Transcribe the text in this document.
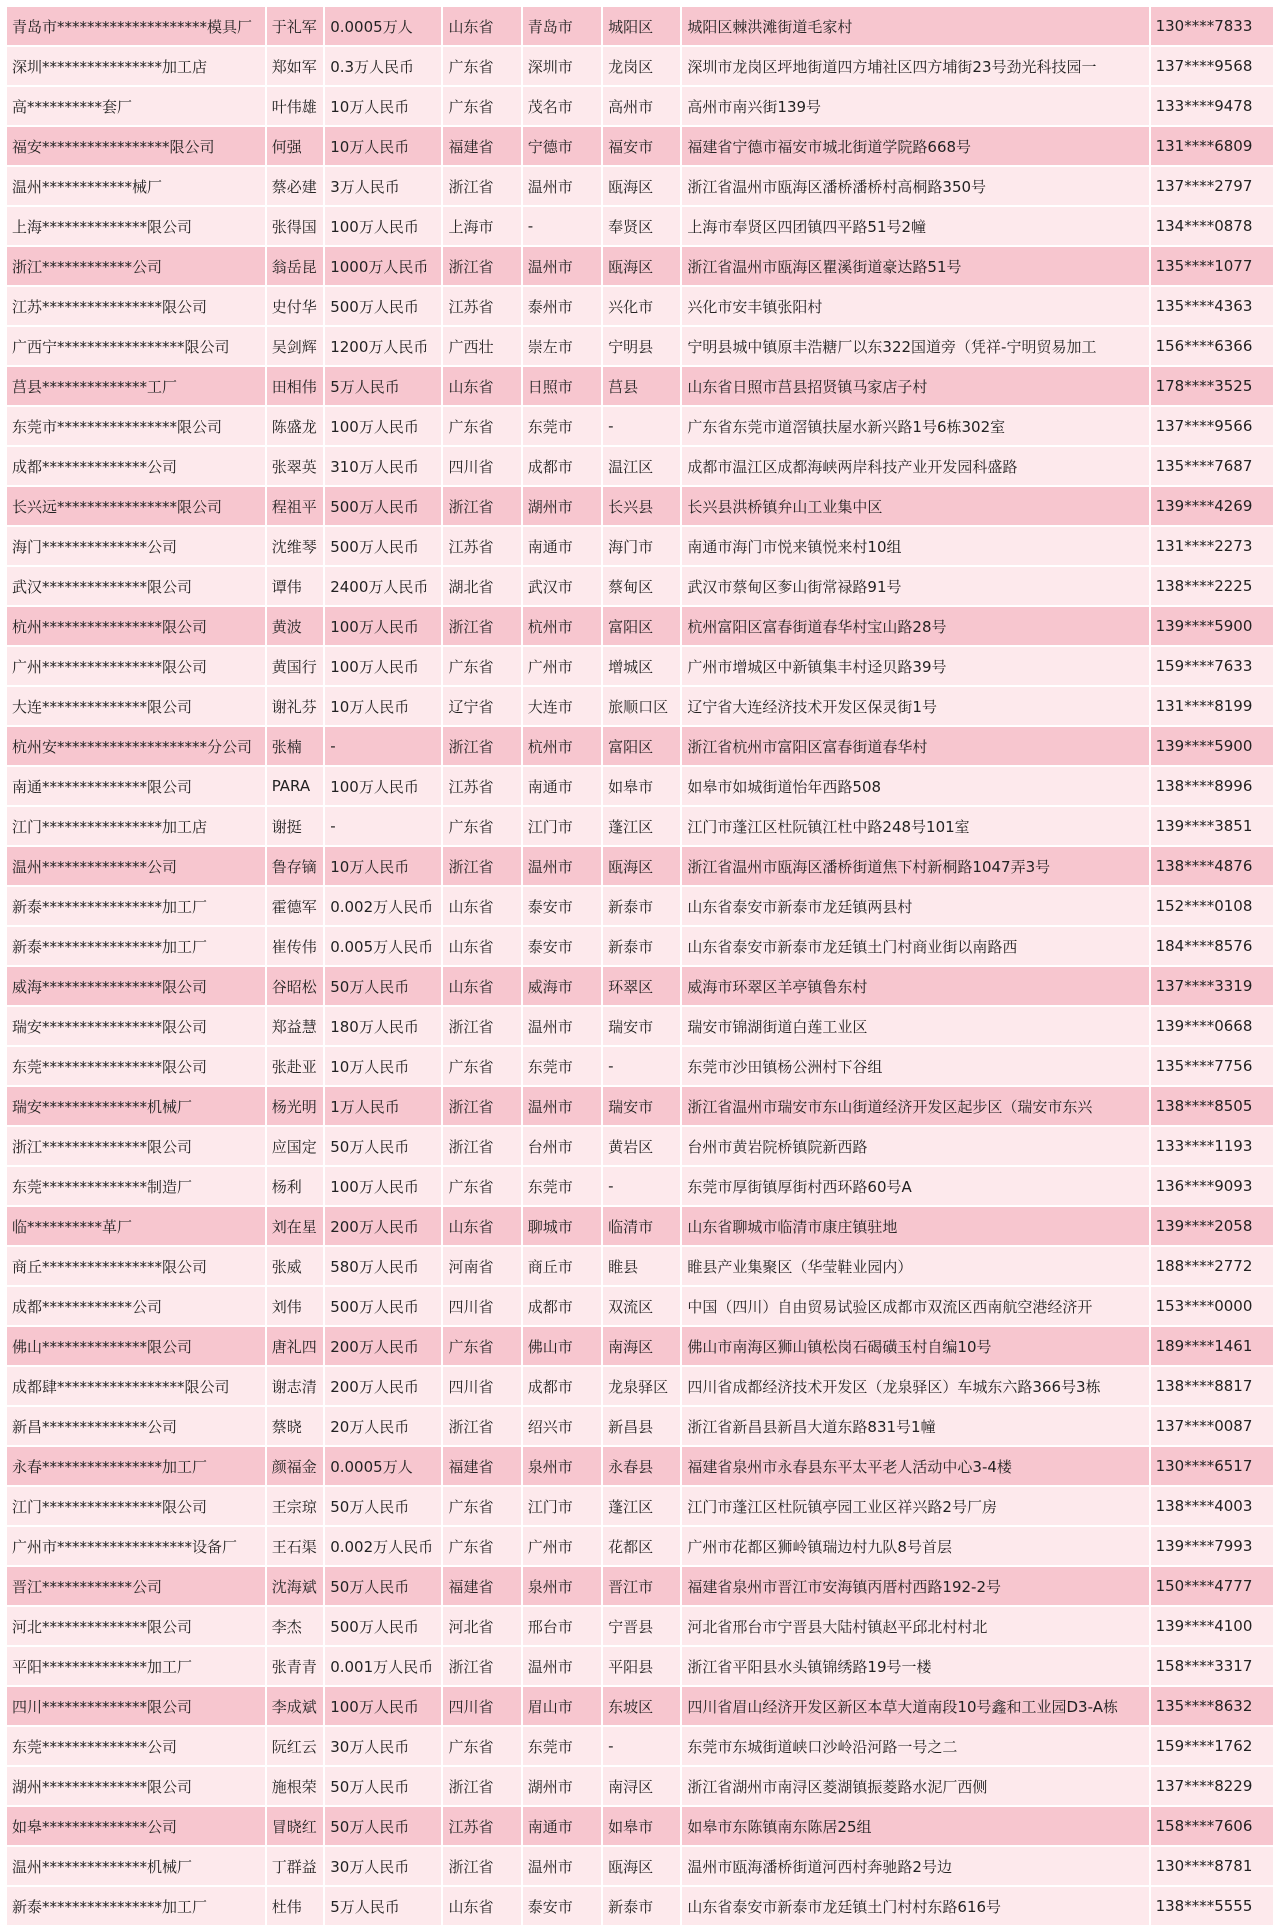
青岛市********************模具厂	于礼军	0.0005万人	山东省	青岛市	城阳区	城阳区棘洪滩街道毛家村	130****7833
深圳****************加工店	郑如军	0.3万人民币	广东省	深圳市	龙岗区	深圳市龙岗区坪地街道四方埔社区四方埔街23号劲光科技园一	137****9568
高**********套厂	叶伟雄	10万人民币	广东省	茂名市	高州市	高州市南兴街139号	133****9478
福安*****************限公司	何强	10万人民币	福建省	宁德市	福安市	福建省宁德市福安市城北街道学院路668号	131****6809
温州************械厂	蔡必建	3万人民币	浙江省	温州市	瓯海区	浙江省温州市瓯海区潘桥潘桥村高桐路350号	137****2797
上海**************限公司	张得国	100万人民币	上海市	-	奉贤区	上海市奉贤区四团镇四平路51号2幢	134****0878
浙江************公司	翁岳昆	1000万人民币	浙江省	温州市	瓯海区	浙江省温州市瓯海区瞿溪街道豪达路51号	135****1077
江苏****************限公司	史付华	500万人民币	江苏省	泰州市	兴化市	兴化市安丰镇张阳村	135****4363
广西宁*****************限公司	吴剑辉	1200万人民币	广西壮	崇左市	宁明县	宁明县城中镇原丰浩糖厂以东322国道旁（凭祥-宁明贸易加工	156****6366
莒县**************工厂	田相伟	5万人民币	山东省	日照市	莒县	山东省日照市莒县招贤镇马家店子村	178****3525
东莞市****************限公司	陈盛龙	100万人民币	广东省	东莞市	-	广东省东莞市道滘镇扶屋水新兴路1号6栋302室	137****9566
成都**************公司	张翠英	310万人民币	四川省	成都市	温江区	成都市温江区成都海峡两岸科技产业开发园科盛路	135****7687
长兴远****************限公司	程祖平	500万人民币	浙江省	湖州市	长兴县	长兴县洪桥镇弁山工业集中区	139****4269
海门**************公司	沈维琴	500万人民币	江苏省	南通市	海门市	南通市海门市悦来镇悦来村10组	131****2273
武汉**************限公司	谭伟	2400万人民币	湖北省	武汉市	蔡甸区	武汉市蔡甸区奓山街常禄路91号	138****2225
杭州****************限公司	黄波	100万人民币	浙江省	杭州市	富阳区	杭州富阳区富春街道春华村宝山路28号	139****5900
广州****************限公司	黄国行	100万人民币	广东省	广州市	增城区	广州市增城区中新镇集丰村迳贝路39号	159****7633
大连**************限公司	谢礼芬	10万人民币	辽宁省	大连市	旅顺口区	辽宁省大连经济技术开发区保灵街1号	131****8199
杭州安********************分公司	张楠	-	浙江省	杭州市	富阳区	浙江省杭州市富阳区富春街道春华村	139****5900
南通**************限公司	PARA	100万人民币	江苏省	南通市	如皋市	如皋市如城街道怡年西路508	138****8996
江门****************加工店	谢挺	-	广东省	江门市	蓬江区	江门市蓬江区杜阮镇江杜中路248号101室	139****3851
温州**************公司	鲁存镝	10万人民币	浙江省	温州市	瓯海区	浙江省温州市瓯海区潘桥街道焦下村新桐路1047弄3号	138****4876
新泰****************加工厂	霍德军	0.002万人民币	山东省	泰安市	新泰市	山东省泰安市新泰市龙廷镇两县村	152****0108
新泰****************加工厂	崔传伟	0.005万人民币	山东省	泰安市	新泰市	山东省泰安市新泰市龙廷镇土门村商业街以南路西	184****8576
威海****************限公司	谷昭松	50万人民币	山东省	威海市	环翠区	威海市环翠区羊亭镇鲁东村	137****3319
瑞安****************限公司	郑益慧	180万人民币	浙江省	温州市	瑞安市	瑞安市锦湖街道白莲工业区	139****0668
东莞****************限公司	张赴亚	10万人民币	广东省	东莞市	-	东莞市沙田镇杨公洲村下谷组	135****7756
瑞安**************机械厂	杨光明	1万人民币	浙江省	温州市	瑞安市	浙江省温州市瑞安市东山街道经济开发区起步区（瑞安市东兴	138****8505
浙江**************限公司	应国定	50万人民币	浙江省	台州市	黄岩区	台州市黄岩院桥镇院新西路	133****1193
东莞**************制造厂	杨利	100万人民币	广东省	东莞市	-	东莞市厚街镇厚街村西环路60号A	136****9093
临**********革厂	刘在星	200万人民币	山东省	聊城市	临清市	山东省聊城市临清市康庄镇驻地	139****2058
商丘****************限公司	张威	580万人民币	河南省	商丘市	睢县	睢县产业集聚区（华莹鞋业园内）	188****2772
成都************公司	刘伟	500万人民币	四川省	成都市	双流区	中国（四川）自由贸易试验区成都市双流区西南航空港经济开	153****0000
佛山**************限公司	唐礼四	200万人民币	广东省	佛山市	南海区	佛山市南海区狮山镇松岗石碣磺玉村自编10号	189****1461
成都肆*****************限公司	谢志清	200万人民币	四川省	成都市	龙泉驿区	四川省成都经济技术开发区（龙泉驿区）车城东六路366号3栋	138****8817
新昌**************公司	蔡晓	20万人民币	浙江省	绍兴市	新昌县	浙江省新昌县新昌大道东路831号1幢	137****0087
永春****************加工厂	颜福金	0.0005万人	福建省	泉州市	永春县	福建省泉州市永春县东平太平老人活动中心3-4楼	130****6517
江门****************限公司	王宗琼	50万人民币	广东省	江门市	蓬江区	江门市蓬江区杜阮镇亭园工业区祥兴路2号厂房	138****4003
广州市******************设备厂	王石渠	0.002万人民币	广东省	广州市	花都区	广州市花都区狮岭镇瑞边村九队8号首层	139****7993
晋江************公司	沈海斌	50万人民币	福建省	泉州市	晋江市	福建省泉州市晋江市安海镇丙厝村西路192-2号	150****4777
河北**************限公司	李杰	500万人民币	河北省	邢台市	宁晋县	河北省邢台市宁晋县大陆村镇赵平邱北村村北	139****4100
平阳**************加工厂	张青青	0.001万人民币	浙江省	温州市	平阳县	浙江省平阳县水头镇锦绣路19号一楼	158****3317
四川**************限公司	李成斌	100万人民币	四川省	眉山市	东坡区	四川省眉山经济开发区新区本草大道南段10号鑫和工业园D3-A栋	135****8632
东莞**************公司	阮红云	30万人民币	广东省	东莞市	-	东莞市东城街道峡口沙岭沿河路一号之二	159****1762
湖州**************限公司	施根荣	50万人民币	浙江省	湖州市	南浔区	浙江省湖州市南浔区菱湖镇振菱路水泥厂西侧	137****8229
如皋**************公司	冒晓红	50万人民币	江苏省	南通市	如皋市	如皋市东陈镇南东陈居25组	158****7606
温州**************机械厂	丁群益	30万人民币	浙江省	温州市	瓯海区	温州市瓯海潘桥街道河西村奔驰路2号边	130****8781
新泰****************加工厂	杜伟	5万人民币	山东省	泰安市	新泰市	山东省泰安市新泰市龙廷镇土门村村东路616号	138****5555
